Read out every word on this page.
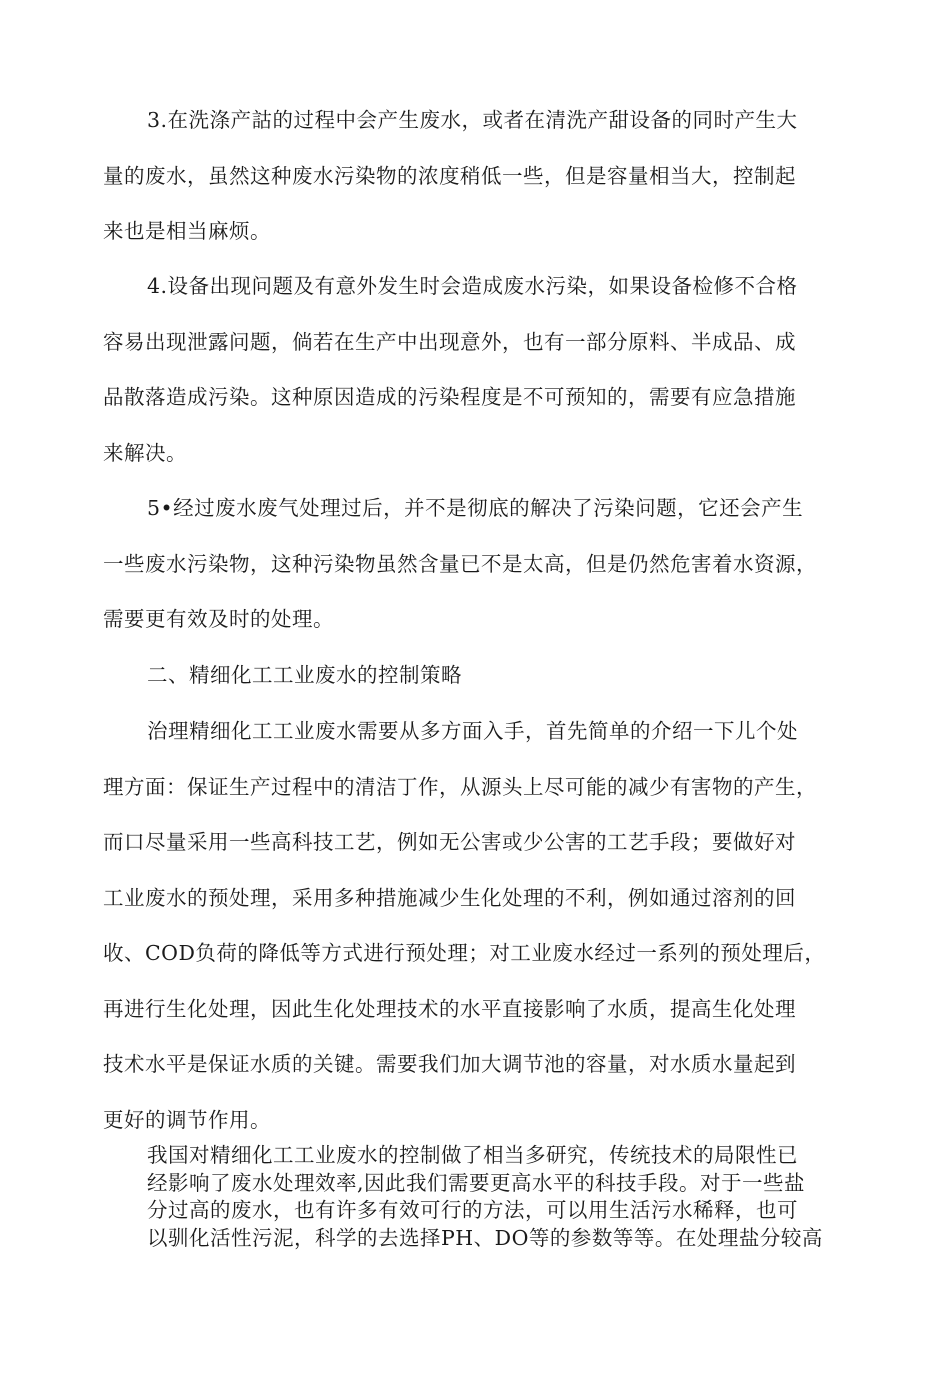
3.在洗涤产詁的过程中会产生废水，或者在清洗产甜设备的同时产生大
量的废水，虽然这种废水污染物的浓度稍低一些，但是容量相当大，控制起
来也是相当麻烦。

4.设备出现问题及有意外发生时会造成废水污染，如果设备检修不合格
容易出现泄露问题，倘若在生产中出现意外，也有一部分原料、半成品、成
品散落造成污染。这种原因造成的污染程度是不可预知的，需要有应急措施
来解决。

5•经过废水废气处理过后，并不是彻底的解决了污染问题，它还会产生
一些废水污染物，这种污染物虽然含量已不是太高，但是仍然危害着水资源，
需要更有效及时的处理。

二、精细化工工业废水的控制策略

治理精细化工工业废水需要从多方面入手，首先简单的介绍一下儿个处
理方面：保证生产过程中的清洁丁作，从源头上尽可能的减少有害物的产生，
而口尽量采用一些高科技工艺，例如无公害或少公害的工艺手段；要做好对
工业废水的预处理，采用多种措施减少生化处理的不利，例如通过溶剂的回
收、COD负荷的降低等方式进行预处理；对工业废水经过一系列的预处理后，
再进行生化处理，因此生化处理技术的水平直接影响了水质，提高生化处理
技术水平是保证水质的关键。需要我们加大调节池的容量，对水质水量起到
更好的调节作用。

我国对精细化工工业废水的控制做了相当多研究，传统技术的局限性已
经影响了废水处理效率,因此我们需要更高水平的科技手段。对于一些盐
分过高的废水，也有许多有效可行的方法，可以用生活污水稀释，也可
以驯化活性污泥，科学的去选择PH、DO等的参数等等。在处理盐分较高
